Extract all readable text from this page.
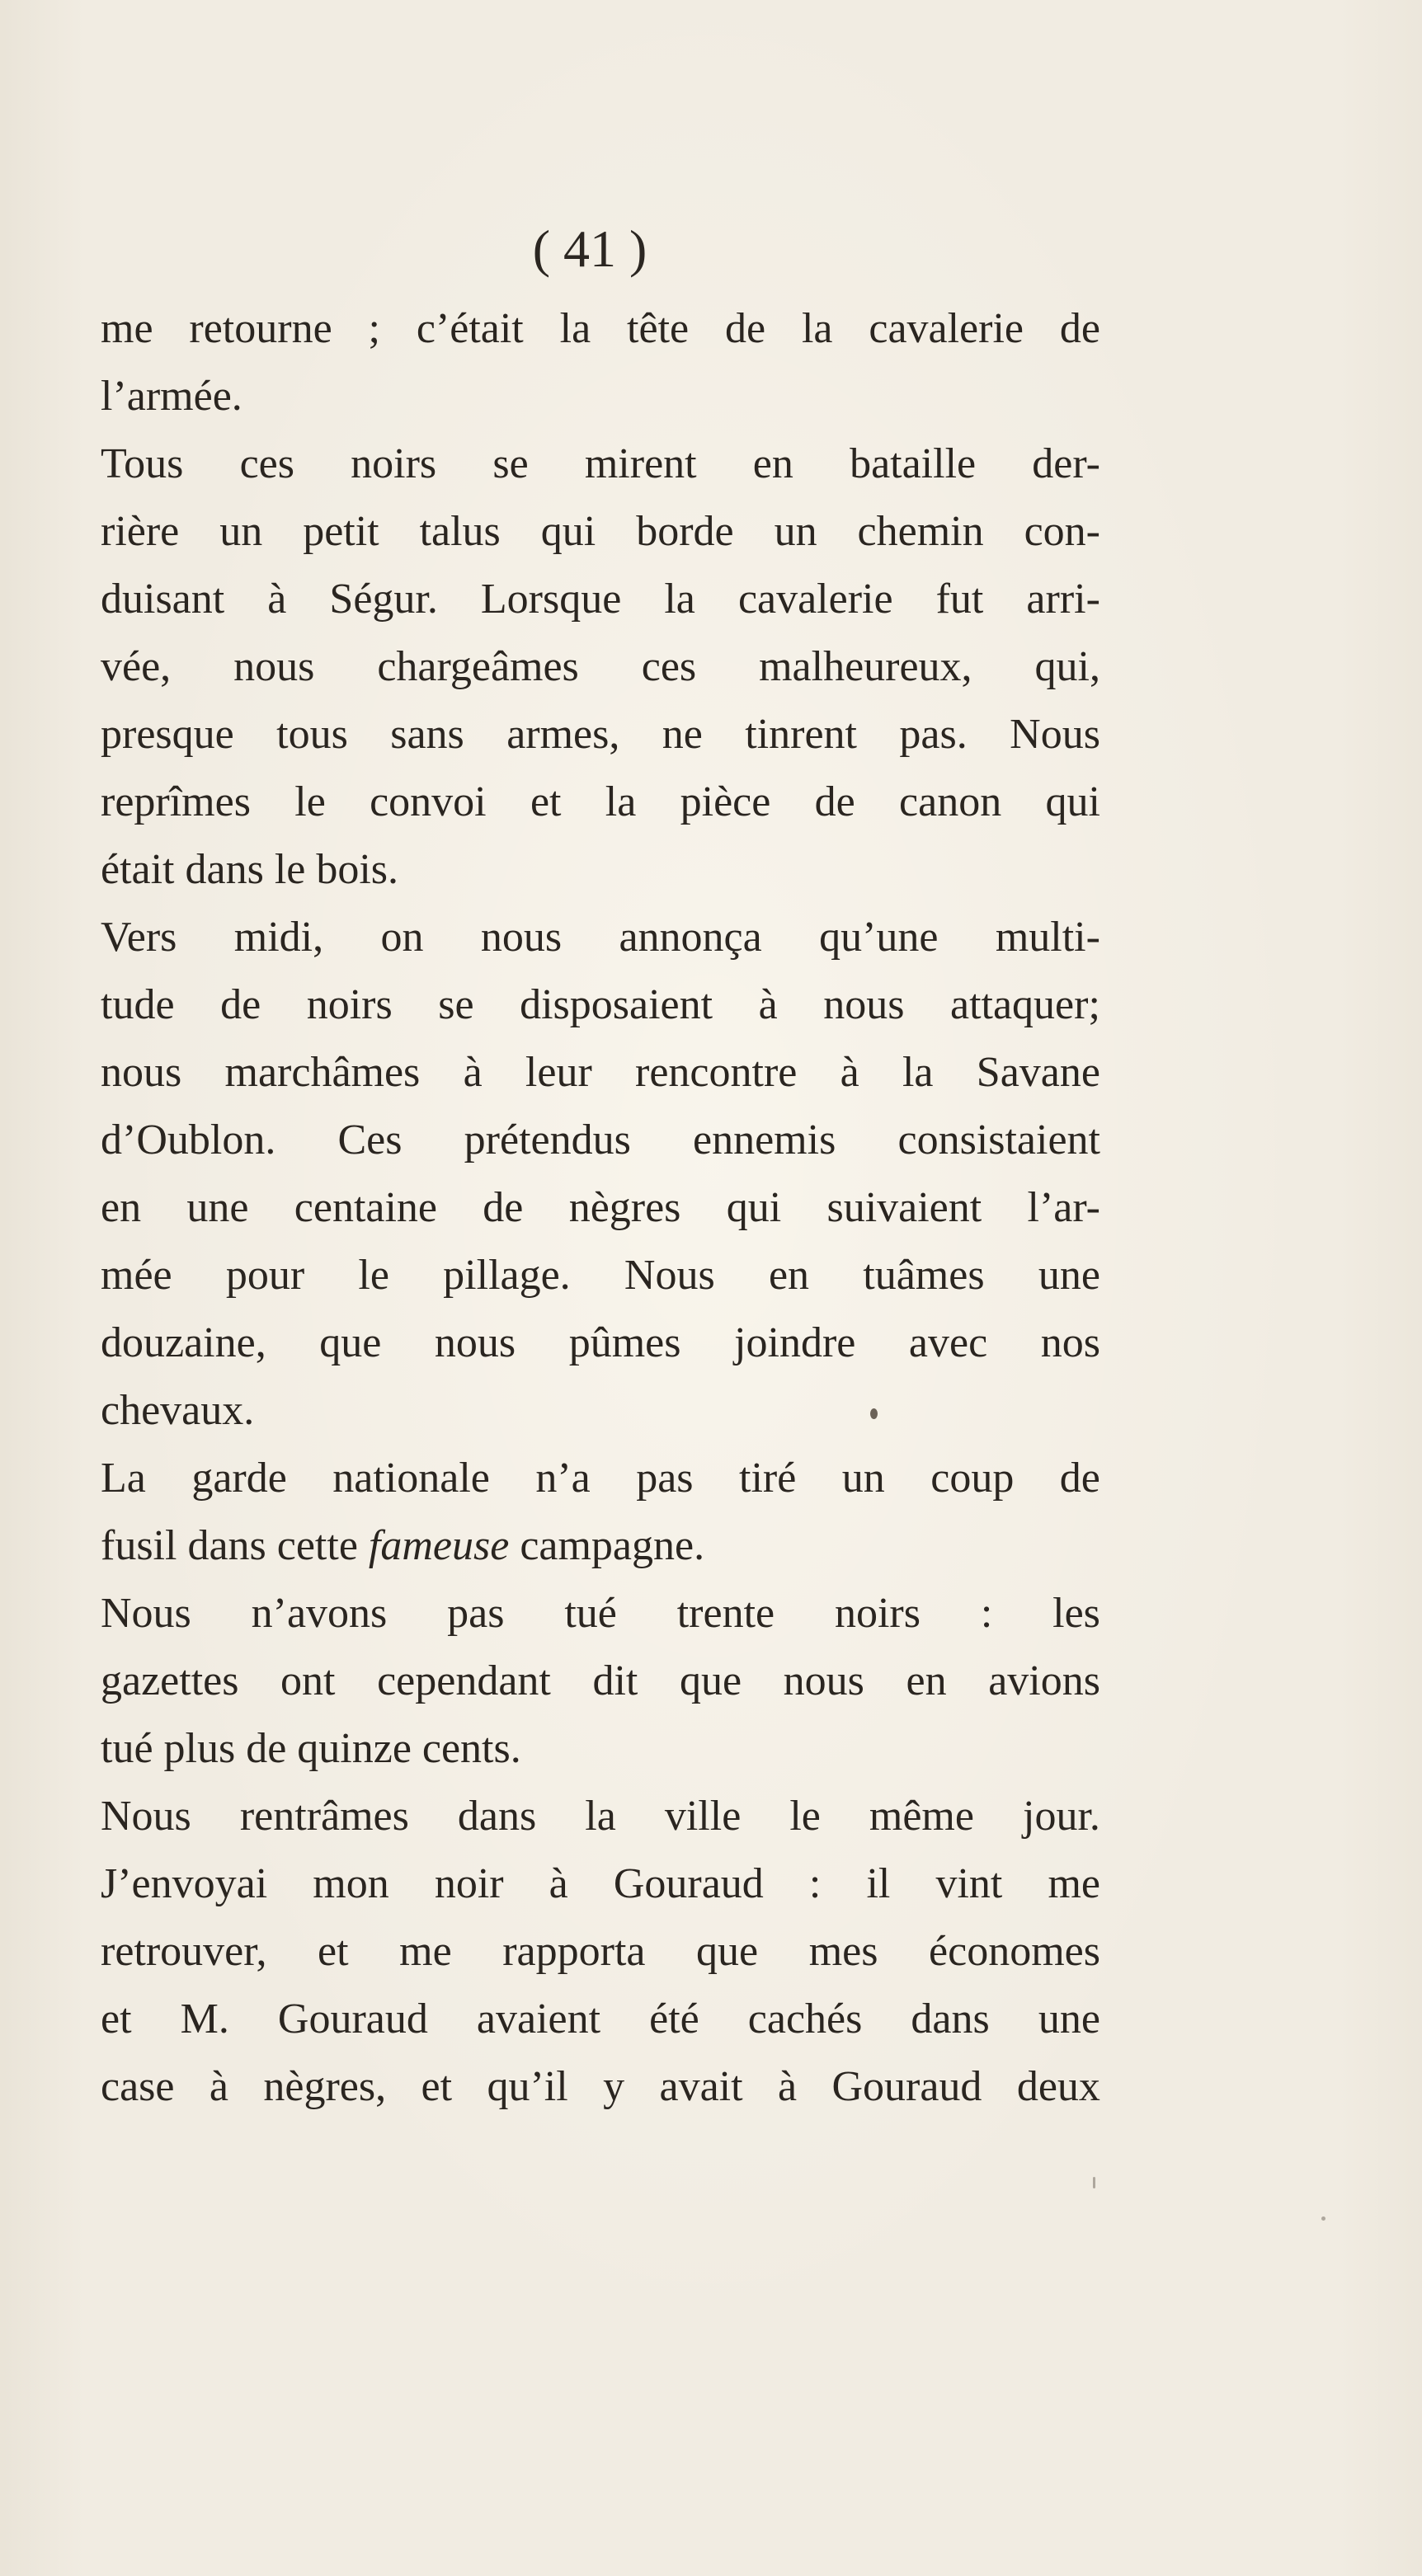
( 41 )
me retourne ; c’était la tête de la cavalerie de
l’armée.
Tous ces noirs se mirent en bataille der-
rière un petit talus qui borde un chemin con-
duisant à Ségur. Lorsque la cavalerie fut arri-
vée, nous chargeâmes ces malheureux, qui,
presque tous sans armes, ne tinrent pas. Nous
reprîmes le convoi et la pièce de canon qui
était dans le bois.
Vers midi, on nous annonça qu’une multi-
tude de noirs se disposaient à nous attaquer;
nous marchâmes à leur rencontre à la Savane
d’Oublon. Ces prétendus ennemis consistaient
en une centaine de nègres qui suivaient l’ar-
mée pour le pillage. Nous en tuâmes une
douzaine, que nous pûmes joindre avec nos
chevaux.
La garde nationale n’a pas tiré un coup de
fusil dans cette fameuse campagne.
Nous n’avons pas tué trente noirs : les
gazettes ont cependant dit que nous en avions
tué plus de quinze cents.
Nous rentrâmes dans la ville le même jour.
J’envoyai mon noir à Gouraud : il vint me
retrouver, et me rapporta que mes économes
et M. Gouraud avaient été cachés dans une
case à nègres, et qu’il y avait à Gouraud deux
